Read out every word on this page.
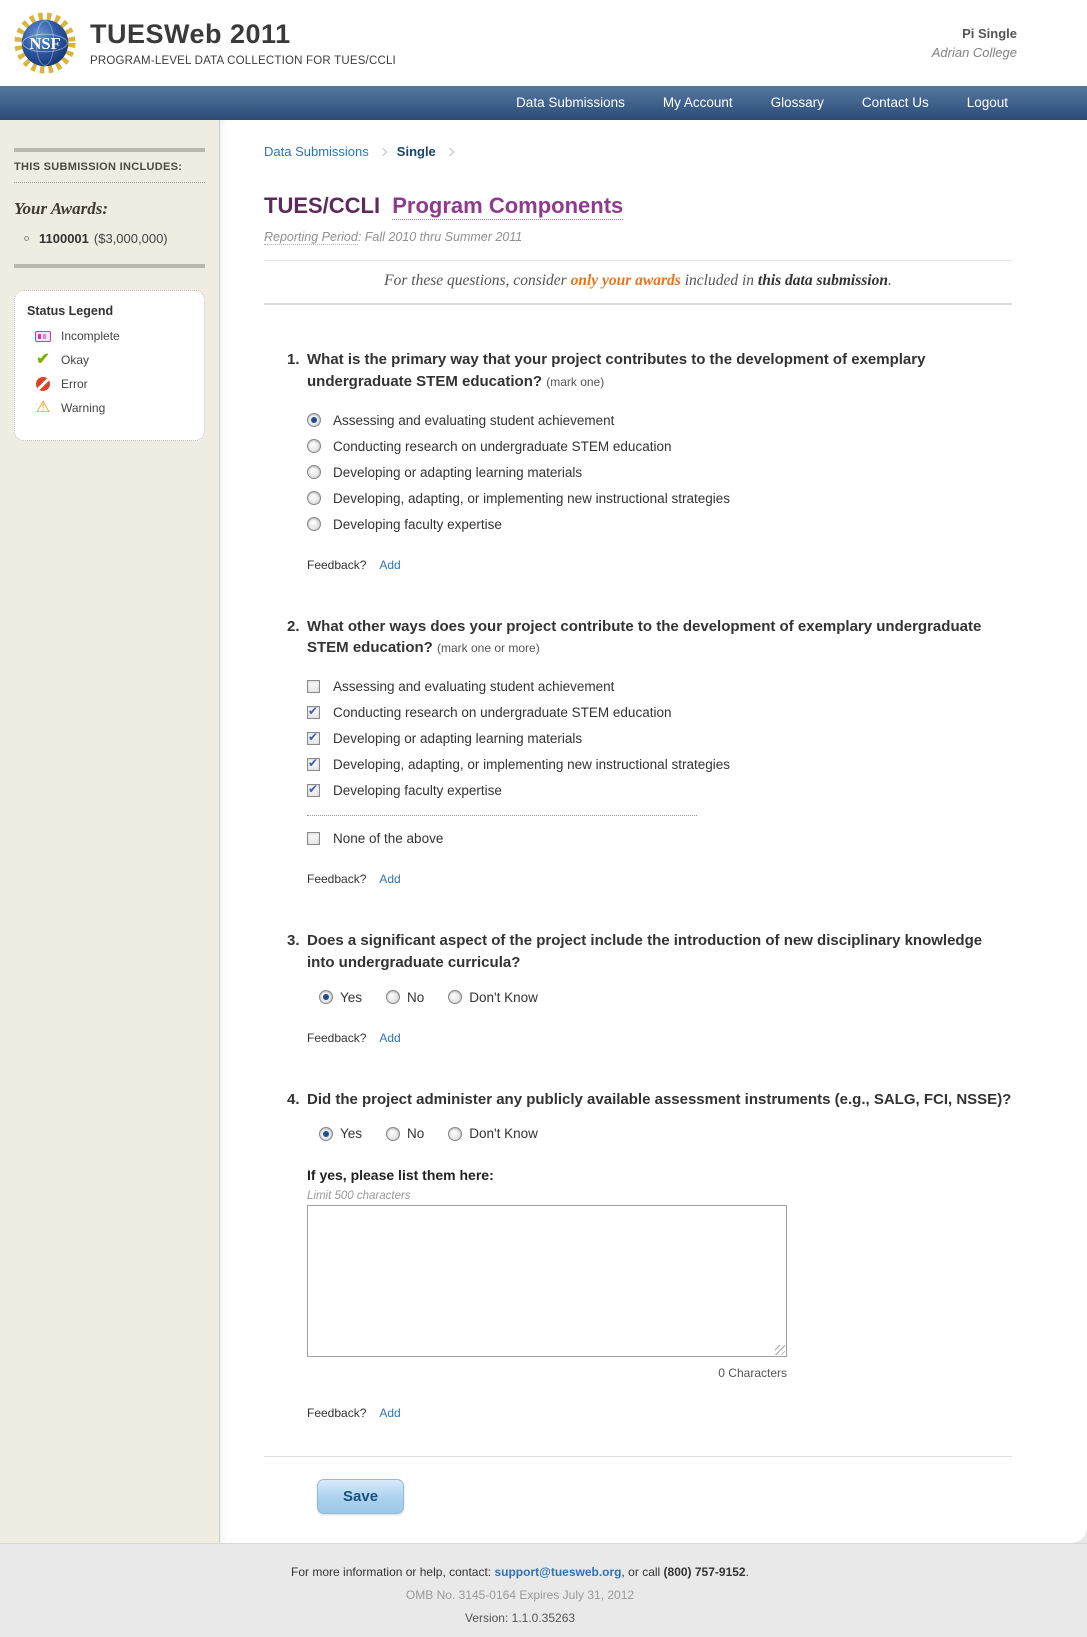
NSF TUESWeb 2011
PROGRAM-LEVEL DATA COLLECTION FOR TUES/CCLI
Pi Single
Adrian College
Data Submissions	My Account	Glossary	Contact Us	Logout
THIS SUBMISSION INCLUDES:
Your Awards:
1100001 ($3,000,000)
Status Legend
Incomplete
✔ Okay
Error
⚠ Warning
Data Submissions Single
TUES/CCLI Program Components
Reporting Period: Fall 2010 thru Summer 2011
For these questions, consider only your awards included in this data submission.
1. What is the primary way that your project contributes to the development of exemplary undergraduate STEM education? (mark one)
Assessing and evaluating student achievement
Conducting research on undergraduate STEM education
Developing or adapting learning materials
Developing, adapting, or implementing new instructional strategies
Developing faculty expertise
Feedback? Add
2. What other ways does your project contribute to the development of exemplary undergraduate STEM education? (mark one or more)
Assessing and evaluating student achievement
✔
Conducting research on undergraduate STEM education
✔
Developing or adapting learning materials
✔
Developing, adapting, or implementing new instructional strategies
✔
Developing faculty expertise
None of the above
Feedback? Add
3. Does a significant aspect of the project include the introduction of new disciplinary knowledge into undergraduate curricula?
Yes	No	Don't Know
Feedback? Add
4. Did the project administer any publicly available assessment instruments (e.g., SALG, FCI, NSSE)?
Yes	No	Don't Know
If yes, please list them here:
Limit 500 characters
0 Characters
Feedback? Add
Save
For more information or help, contact: support@tuesweb.org, or call (800) 757-9152.
OMB No. 3145-0164 Expires July 31, 2012
Version: 1.1.0.35263
